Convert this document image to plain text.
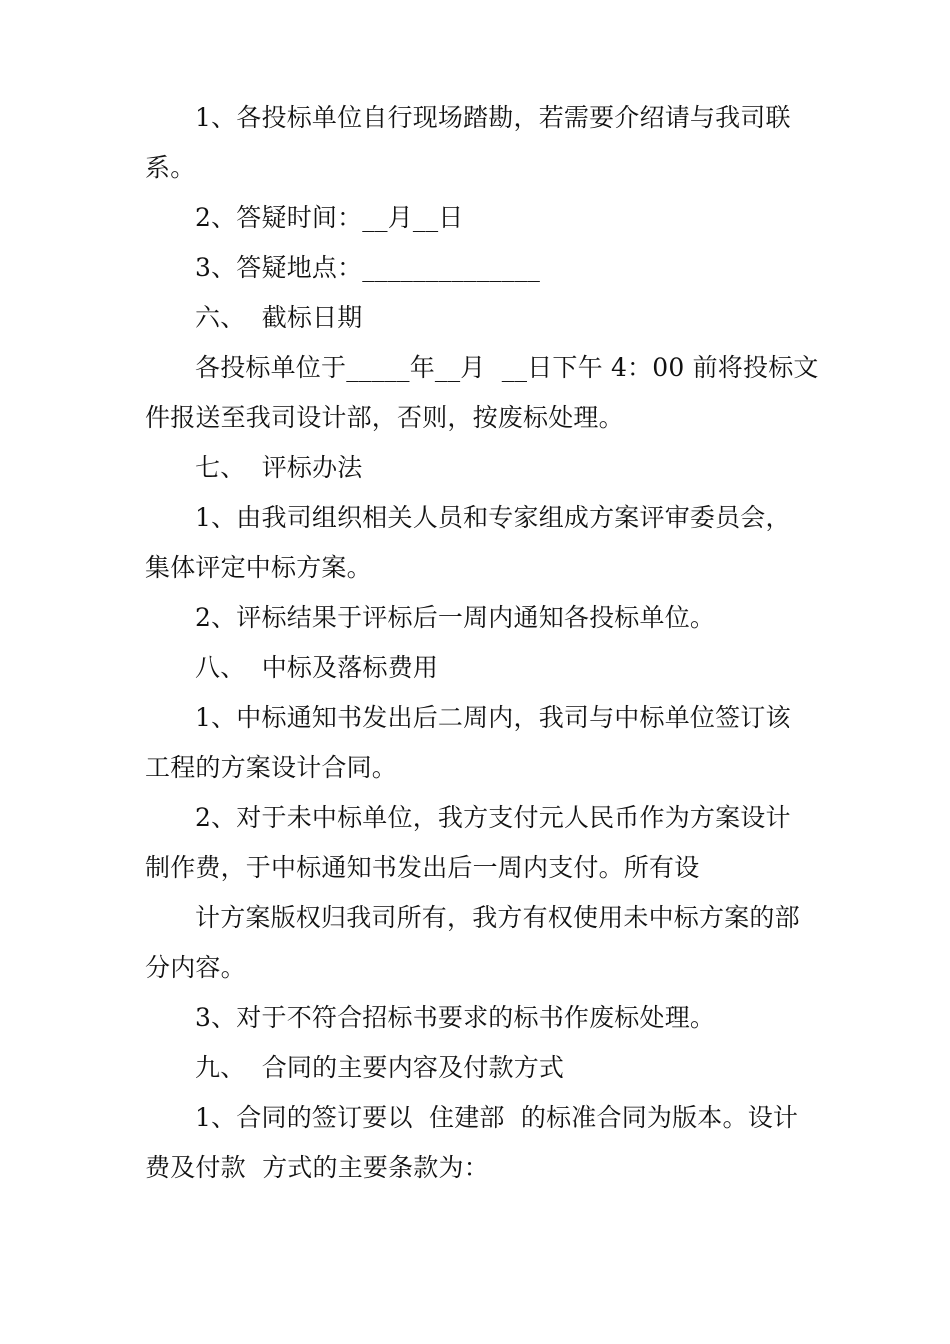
1、各投标单位自行现场踏勘，若需要介绍请与我司联
系。
2、答疑时间：__月__日
3、答疑地点：______________
六、  截标日期
各投标单位于_____年__月  __日下午 4：00 前将投标文
件报送至我司设计部，否则，按废标处理。
七、  评标办法
1、由我司组织相关人员和专家组成方案评审委员会，
集体评定中标方案。
2、评标结果于评标后一周内通知各投标单位。
八、  中标及落标费用
1、中标通知书发出后二周内，我司与中标单位签订该
工程的方案设计合同。
2、对于未中标单位，我方支付元人民币作为方案设计
制作费，于中标通知书发出后一周内支付。所有设
计方案版权归我司所有，我方有权使用未中标方案的部
分内容。
3、对于不符合招标书要求的标书作废标处理。
九、  合同的主要内容及付款方式
1、合同的签订要以  住建部  的标准合同为版本。设计
费及付款  方式的主要条款为：
